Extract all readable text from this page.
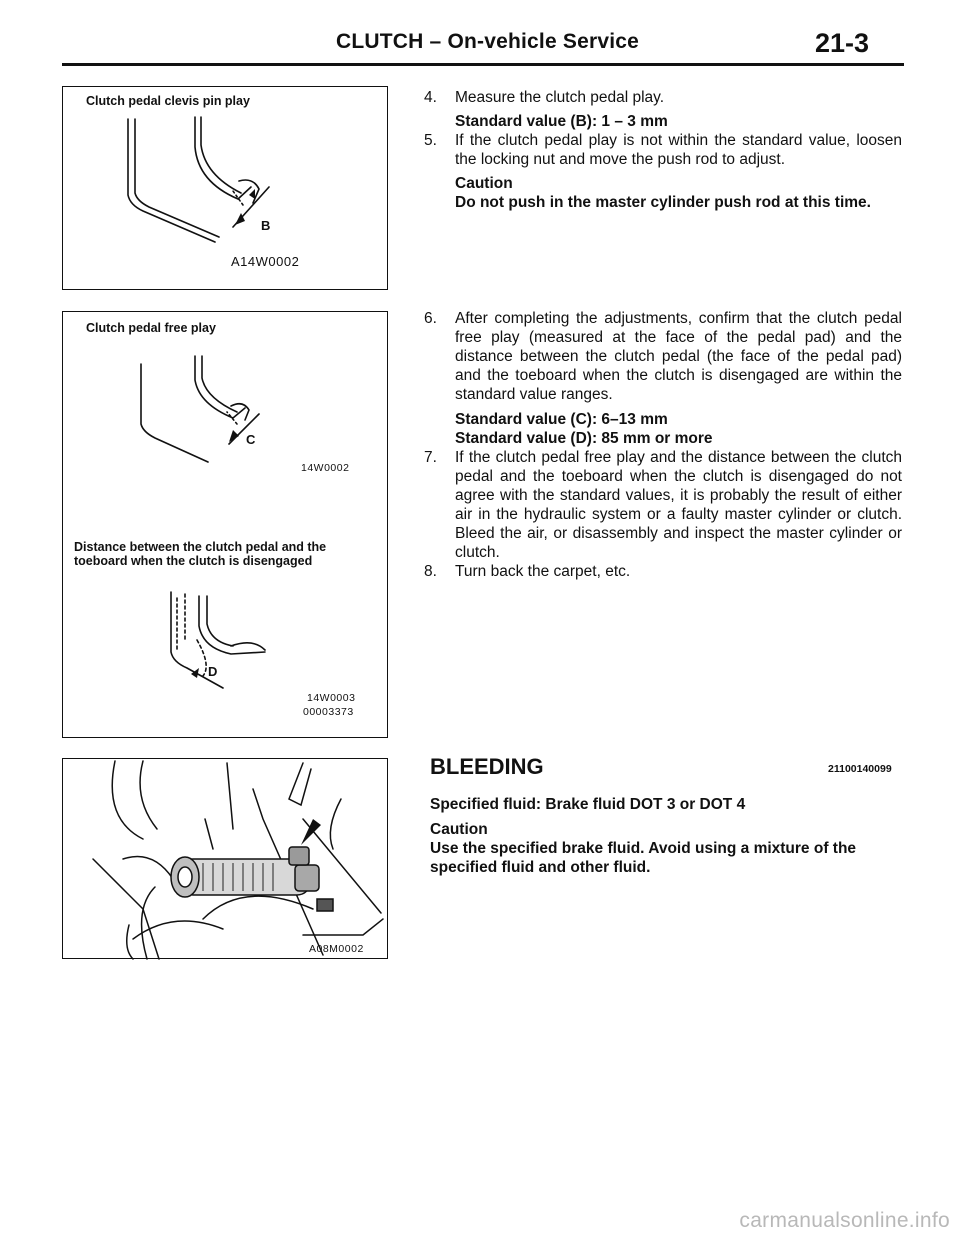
CLUTCH – On-vehicle Service	21-3
Clutch pedal clevis pin play
B
A14W0002
Clutch pedal free play
C
14W0002
Distance between the clutch pedal and the
toeboard when the clutch is disengaged
D
14W0003
00003373
A08M0002
4. Measure the clutch pedal play.
Standard value (B): 1 – 3 mm
5. If the clutch pedal play is not within the standard value, loosen the locking nut and move the push rod to adjust.
Caution
Do not push in the master cylinder push rod at this time.
6. After completing the adjustments, confirm that the clutch pedal free play (measured at the face of the pedal pad) and the distance between the clutch pedal (the face of the pedal pad) and the toeboard when the clutch is disengaged are within the standard value ranges.
Standard value (C): 6–13 mm
Standard value (D): 85 mm or more
7. If the clutch pedal free play and the distance between the clutch pedal and the toeboard when the clutch is disengaged do not agree with the standard values, it is probably the result of either air in the hydraulic system or a faulty master cylinder or clutch. Bleed the air, or disassembly and inspect the master cylinder or clutch.
8. Turn back the carpet, etc.
BLEEDING	21100140099
Specified fluid: Brake fluid DOT 3 or DOT 4
Caution
Use the specified brake fluid. Avoid using a mixture of the specified fluid and other fluid.
carmanualsonline.info
